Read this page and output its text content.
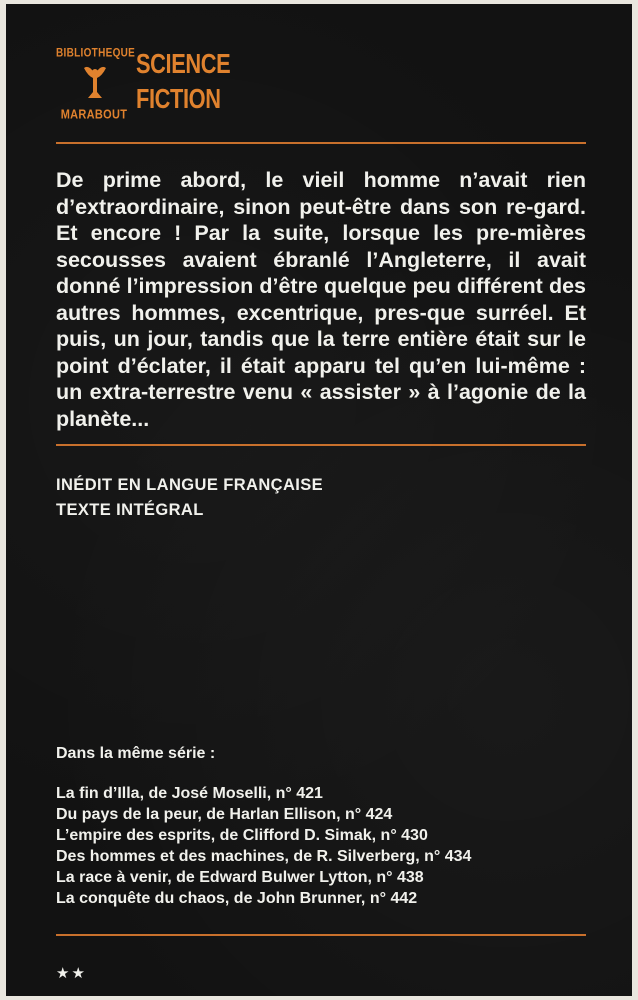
BIBLIOTHEQUE
MARABOUT
SCIENCE
FICTION

De prime abord, le vieil homme n’avait rien d’extraordinaire, sinon peut-être dans son re-gard. Et encore ! Par la suite, lorsque les pre-mières secousses avaient ébranlé l’Angleterre, il avait donné l’impression d’être quelque peu différent des autres hommes, excentrique, pres-que surréel. Et puis, un jour, tandis que la terre entière était sur le point d’éclater, il était apparu tel qu’en lui-même : un extra-terrestre venu « assister » à l’agonie de la planète...

INÉDIT EN LANGUE FRANÇAISE
TEXTE INTÉGRAL
Dans la même série :
La fin d’Illa, de José Moselli, n° 421
Du pays de la peur, de Harlan Ellison, n° 424
L’empire des esprits, de Clifford D. Simak, n° 430
Des hommes et des machines, de R. Silverberg, n° 434
La race à venir, de Edward Bulwer Lytton, n° 438
La conquête du chaos, de John Brunner, n° 442
★★
